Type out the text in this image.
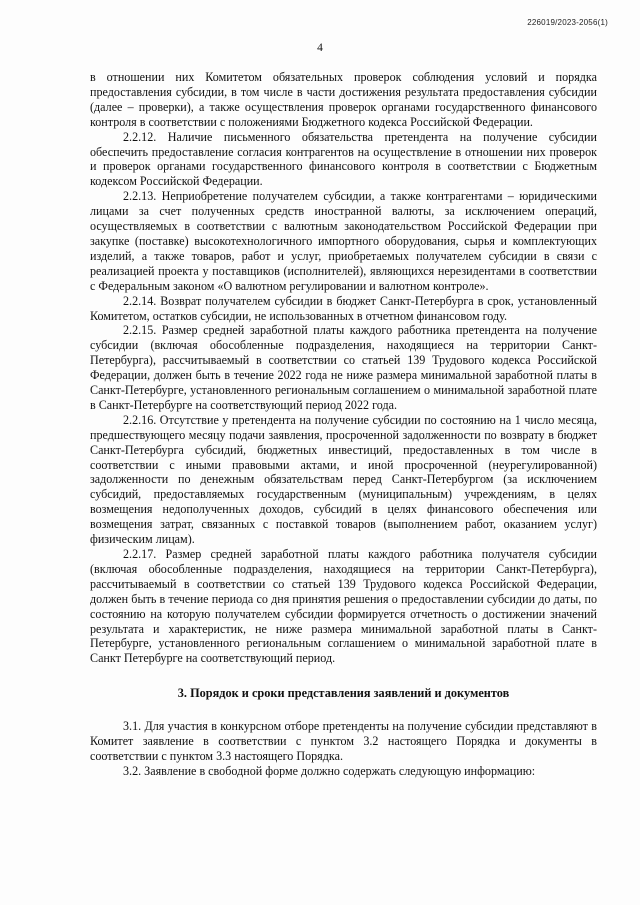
226019/2023-2056(1)
4

в отношении них Комитетом обязательных проверок соблюдения условий и порядка предоставления субсидии, в том числе в части достижения результата предоставления субсидии (далее – проверки), а также осуществления проверок органами государственного финансового контроля в соответствии с положениями Бюджетного кодекса Российской Федерации.

2.2.12. Наличие письменного обязательства претендента на получение субсидии обеспечить предоставление согласия контрагентов на осуществление в отношении них проверок и проверок органами государственного финансового контроля в соответствии с Бюджетным кодексом Российской Федерации.

2.2.13. Неприобретение получателем субсидии, а также контрагентами – юридическими лицами за счет полученных средств иностранной валюты, за исключением операций, осуществляемых в соответствии с валютным законодательством Российской Федерации при закупке (поставке) высокотехнологичного импортного оборудования, сырья и комплектующих изделий, а также товаров, работ и услуг, приобретаемых получателем субсидии в связи с реализацией проекта у поставщиков (исполнителей), являющихся нерезидентами в соответствии с Федеральным законом «О валютном регулировании и валютном контроле».

2.2.14. Возврат получателем субсидии в бюджет Санкт-Петербурга в срок, установленный Комитетом, остатков субсидии, не использованных в отчетном финансовом году.

2.2.15. Размер средней заработной платы каждого работника претендента на получение субсидии (включая обособленные подразделения, находящиеся на территории Санкт-Петербурга), рассчитываемый в соответствии со статьей 139 Трудового кодекса Российской Федерации, должен быть в течение 2022 года не ниже размера минимальной заработной платы в Санкт-Петербурге, установленного региональным соглашением о минимальной заработной плате в Санкт-Петербурге на соответствующий период 2022 года.

2.2.16. Отсутствие у претендента на получение субсидии по состоянию на 1 число месяца, предшествующего месяцу подачи заявления, просроченной задолженности по возврату в бюджет Санкт-Петербурга субсидий, бюджетных инвестиций, предоставленных в том числе в соответствии с иными правовыми актами, и иной просроченной (неурегулированной) задолженности по денежным обязательствам перед Санкт-Петербургом (за исключением субсидий, предоставляемых государственным (муниципальным) учреждениям, в целях возмещения недополученных доходов, субсидий в целях финансового обеспечения или возмещения затрат, связанных с поставкой товаров (выполнением работ, оказанием услуг) физическим лицам).

2.2.17. Размер средней заработной платы каждого работника получателя субсидии (включая обособленные подразделения, находящиеся на территории Санкт-Петербурга), рассчитываемый в соответствии со статьей 139 Трудового кодекса Российской Федерации, должен быть в течение периода со дня принятия решения о предоставлении субсидии до даты, по состоянию на которую получателем субсидии формируется отчетность о достижении значений результата и характеристик, не ниже размера минимальной заработной платы в Санкт-Петербурге, установленного региональным соглашением о минимальной заработной плате в Санкт Петербурге на соответствующий период.

3. Порядок и сроки представления заявлений и документов

3.1. Для участия в конкурсном отборе претенденты на получение субсидии представляют в Комитет заявление в соответствии с пунктом 3.2 настоящего Порядка и документы в соответствии с пунктом 3.3 настоящего Порядка.

3.2. Заявление в свободной форме должно содержать следующую информацию:
